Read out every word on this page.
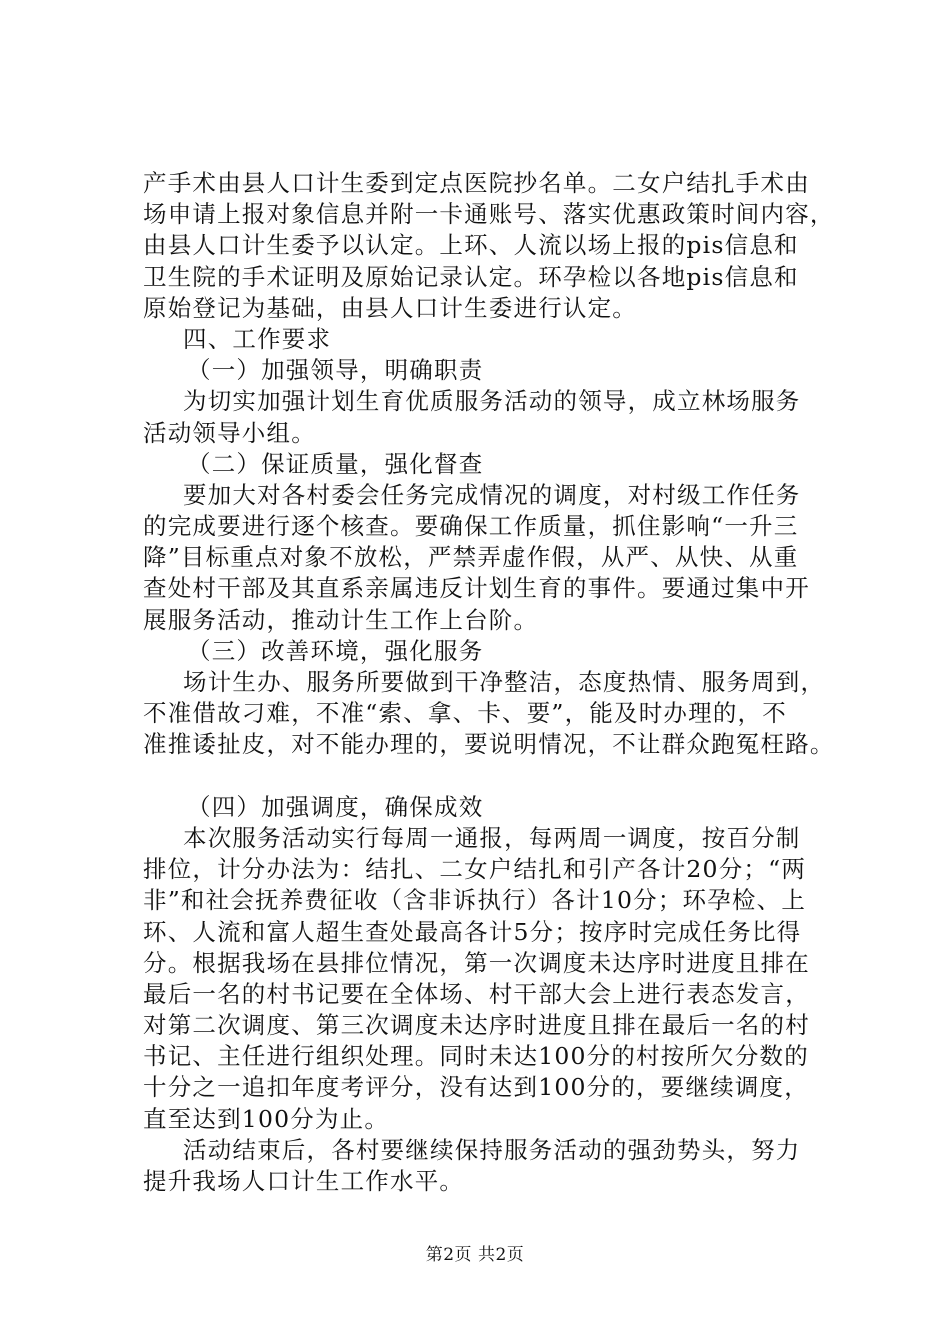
产手术由县人口计生委到定点医院抄名单。二女户结扎手术由
场申请上报对象信息并附一卡通账号、落实优惠政策时间内容，
由县人口计生委予以认定。上环、人流以场上报的pis信息和
卫生院的手术证明及原始记录认定。环孕检以各地pis信息和
原始登记为基础，由县人口计生委进行认定。
四、工作要求
（一）加强领导，明确职责
为切实加强计划生育优质服务活动的领导，成立林场服务
活动领导小组。
（二）保证质量，强化督查
要加大对各村委会任务完成情况的调度，对村级工作任务
的完成要进行逐个核查。要确保工作质量，抓住影响“一升三
降”目标重点对象不放松，严禁弄虚作假，从严、从快、从重
查处村干部及其直系亲属违反计划生育的事件。要通过集中开
展服务活动，推动计生工作上台阶。
（三）改善环境，强化服务
场计生办、服务所要做到干净整洁，态度热情、服务周到，
不准借故刁难，不准“索、拿、卡、要”，能及时办理的，不
准推诿扯皮，对不能办理的，要说明情况，不让群众跑冤枉路。
（四）加强调度，确保成效
本次服务活动实行每周一通报，每两周一调度，按百分制
排位，计分办法为：结扎、二女户结扎和引产各计20分；“两
非”和社会抚养费征收（含非诉执行）各计10分；环孕检、上
环、人流和富人超生查处最高各计5分；按序时完成任务比得
分。根据我场在县排位情况，第一次调度未达序时进度且排在
最后一名的村书记要在全体场、村干部大会上进行表态发言，
对第二次调度、第三次调度未达序时进度且排在最后一名的村
书记、主任进行组织处理。同时未达100分的村按所欠分数的
十分之一追扣年度考评分，没有达到100分的，要继续调度，
直至达到100分为止。
活动结束后，各村要继续保持服务活动的强劲势头，努力
提升我场人口计生工作水平。
第2页 共2页
